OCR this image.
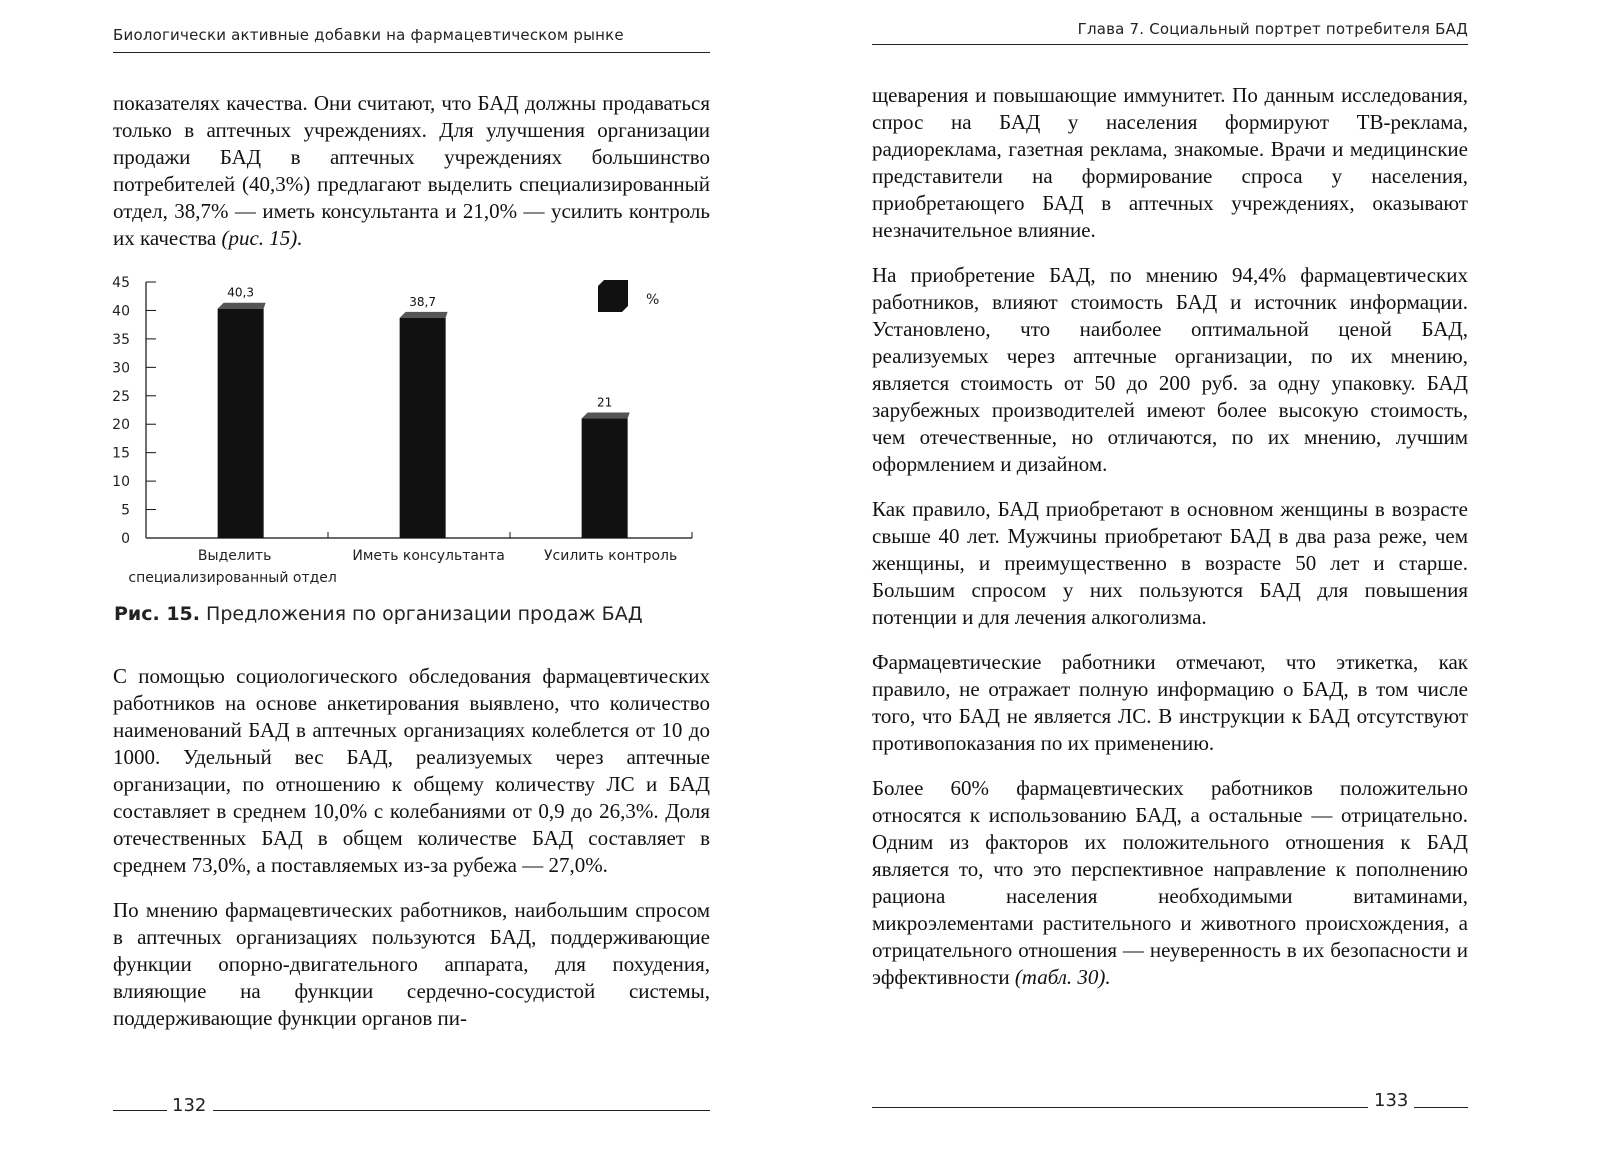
Биологически активные добавки на фармацевтическом рынке

показателях качества. Они считают, что БАД должны продаваться только в аптечных учреждениях. Для улучшения организации продажи БАД в аптечных учреждениях большинство потребителей (40,3%) предлагают выделить специализированный отдел, 38,7% — иметь консультанта и 21,0% — усилить контроль их качества (рис. 15).

0
5
10
15
20
25
30
35
40
45
40,3
Выделить
специализированный отдел
38,7
Иметь консультанта
21
Усилить контроль
%
Рис. 15. Предложения по организации продаж БАД

С помощью социологического обследования фармацевтических работников на основе анкетирования выявлено, что количество наименований БАД в аптечных организациях колеблется от 10 до 1000. Удельный вес БАД, реализуемых через аптечные организации, по отношению к общему количеству ЛС и БАД составляет в среднем 10,0% с колебаниями от 0,9 до 26,3%. Доля отечественных БАД в общем количестве БАД составляет в среднем 73,0%, а поставляемых из-за рубежа — 27,0%.

По мнению фармацевтических работников, наибольшим спросом в аптечных организациях пользуются БАД, поддерживающие функции опорно-двигательного аппарата, для похудения, влияющие на функции сердечно-сосудистой системы, поддерживающие функции органов пи-

132
Глава 7. Социальный портрет потребителя БАД

щеварения и повышающие иммунитет. По данным исследования, спрос на БАД у населения формируют ТВ-реклама, радиореклама, газетная реклама, знакомые. Врачи и медицинские представители на формирование спроса у населения, приобретающего БАД в аптечных учреждениях, оказывают незначительное влияние.

На приобретение БАД, по мнению 94,4% фармацевтических работников, влияют стоимость БАД и источник информации. Установлено, что наиболее оптимальной ценой БАД, реализуемых через аптечные организации, по их мнению, является стоимость от 50 до 200 руб. за одну упаковку. БАД зарубежных производителей имеют более высокую стоимость, чем отечественные, но отличаются, по их мнению, лучшим оформлением и дизайном.

Как правило, БАД приобретают в основном женщины в возрасте свыше 40 лет. Мужчины приобретают БАД в два раза реже, чем женщины, и преимущественно в возрасте 50 лет и старше. Большим спросом у них пользуются БАД для повышения потенции и для лечения алкоголизма.

Фармацевтические работники отмечают, что этикетка, как правило, не отражает полную информацию о БАД, в том числе того, что БАД не является ЛС. В инструкции к БАД отсутствуют противопоказания по их применению.

Более 60% фармацевтических работников положительно относятся к использованию БАД, а остальные — отрицательно. Одним из факторов их положительного отношения к БАД является то, что это перспективное направление к пополнению рациона населения необходимыми витаминами, микроэлементами растительного и животного происхождения, а отрицательного отношения — неуверенность в их безопасности и эффективности (табл. 30).

133
